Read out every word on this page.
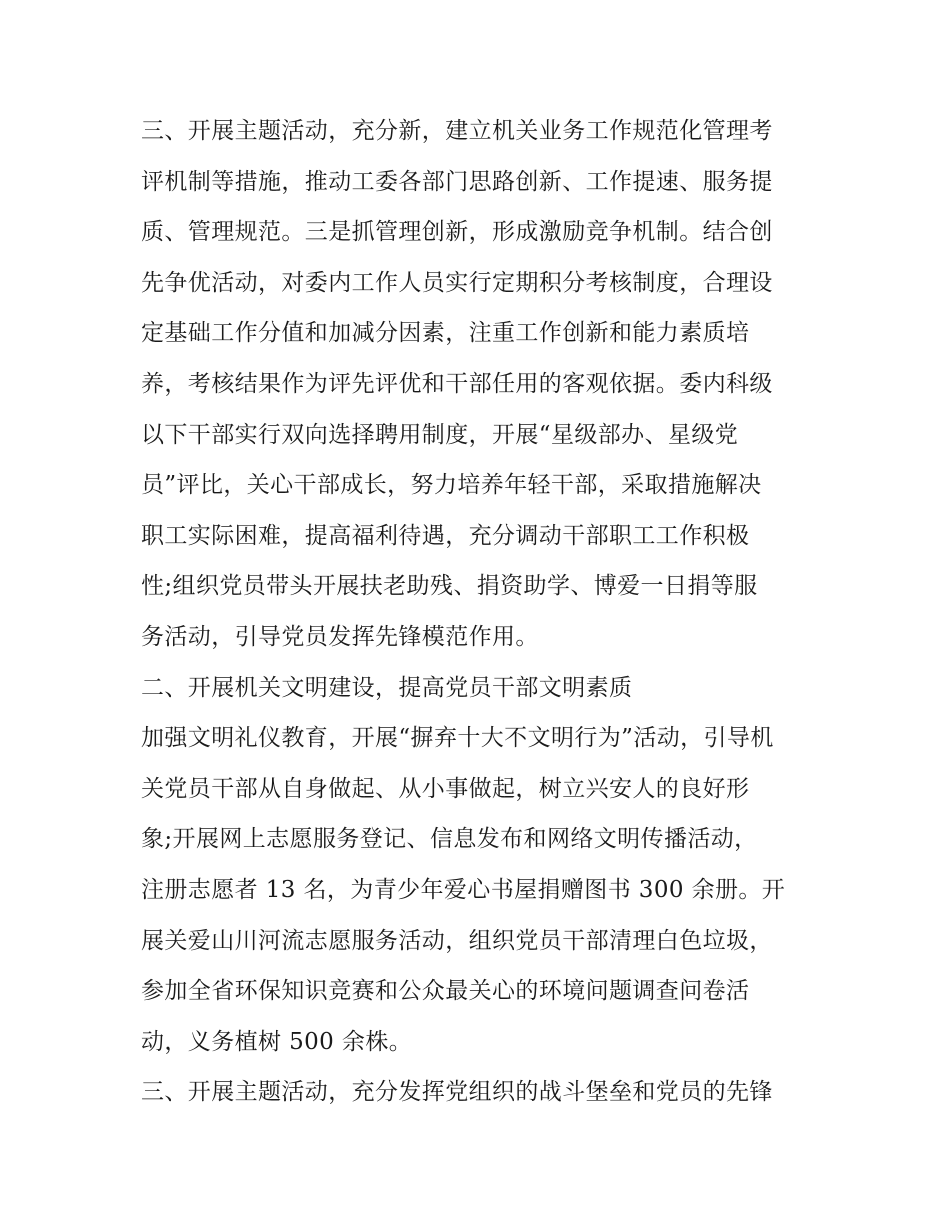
三、开展主题活动，充分新，建立机关业务工作规范化管理考
评机制等措施，推动工委各部门思路创新、工作提速、服务提
质、管理规范。三是抓管理创新，形成激励竞争机制。结合创
先争优活动，对委内工作人员实行定期积分考核制度，合理设
定基础工作分值和加减分因素，注重工作创新和能力素质培
养，考核结果作为评先评优和干部任用的客观依据。委内科级
以下干部实行双向选择聘用制度，开展“星级部办、星级党
员”评比，关心干部成长，努力培养年轻干部，采取措施解决
职工实际困难，提高福利待遇，充分调动干部职工工作积极
性;组织党员带头开展扶老助残、捐资助学、博爱一日捐等服
务活动，引导党员发挥先锋模范作用。
二、开展机关文明建设，提高党员干部文明素质
加强文明礼仪教育，开展“摒弃十大不文明行为”活动，引导机
关党员干部从自身做起、从小事做起，树立兴安人的良好形
象;开展网上志愿服务登记、信息发布和网络文明传播活动，
注册志愿者 13 名，为青少年爱心书屋捐赠图书 300 余册。开
展关爱山川河流志愿服务活动，组织党员干部清理白色垃圾，
参加全省环保知识竞赛和公众最关心的环境问题调查问卷活
动，义务植树 500 余株。
三、开展主题活动，充分发挥党组织的战斗堡垒和党员的先锋
